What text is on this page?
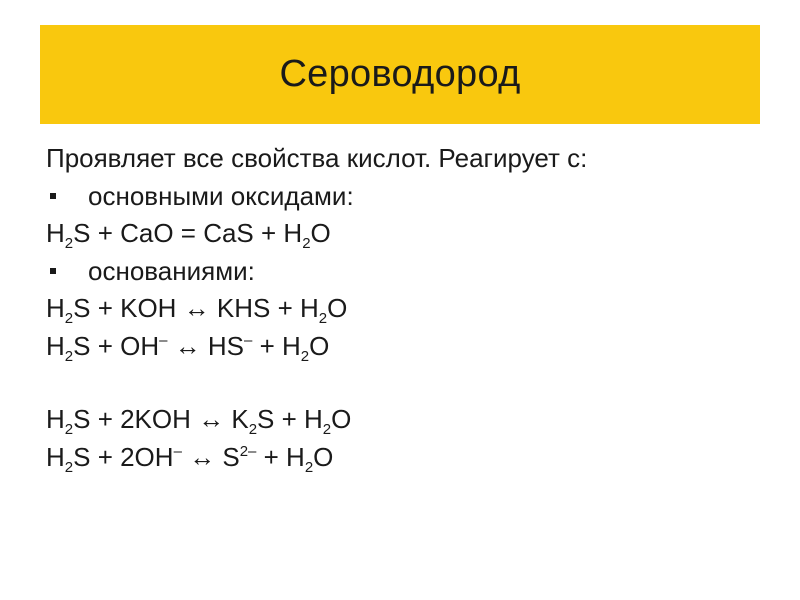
Сероводород
Проявляет все свойства кислот. Реагирует с:
основными оксидами:
$H_2S$ + CaO = CaS + $H_2O$
основаниями:
$H_2S$ + KOH ↔ KHS + $H_2O$
$H_2S + OH^-$ ↔ $HS^- + H_2O$
$H_2S + 2KOH$ ↔ $K_2S + H_2O$
$H_2S + 2OH^-$ ↔ $S^{2-} + H_2O$
